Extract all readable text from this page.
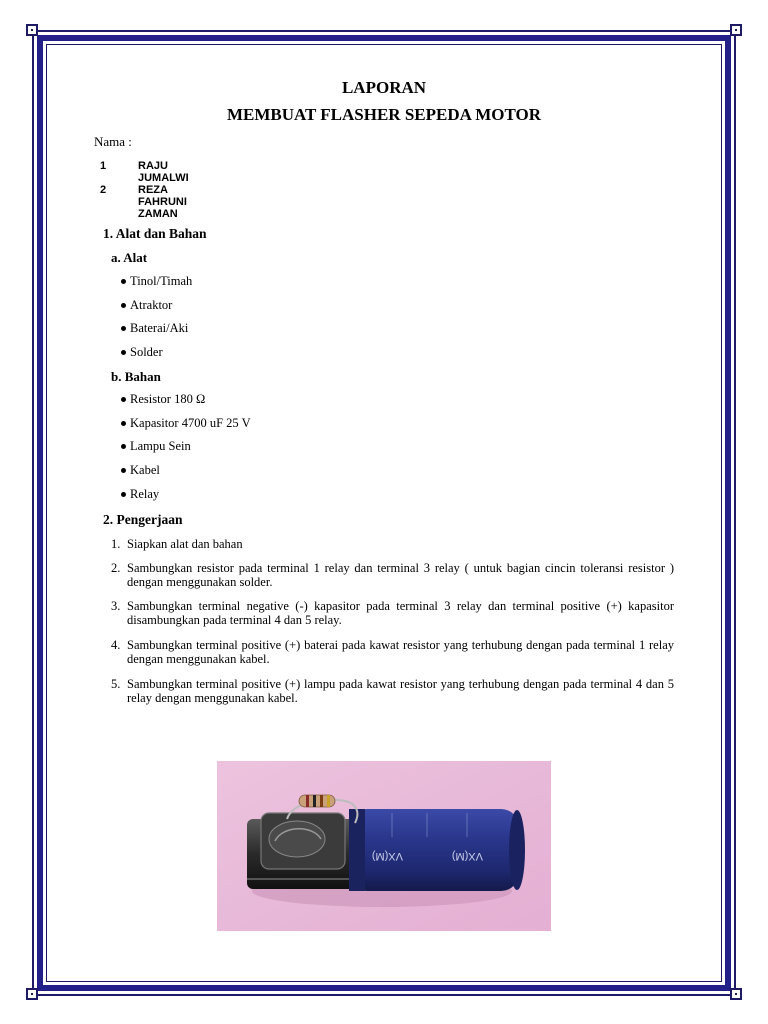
LAPORAN
MEMBUAT FLASHER SEPEDA MOTOR
Nama :
1	RAJU JUMALWI
2	REZA FAHRUNI ZAMAN
1. Alat dan Bahan
a. Alat
Tinol/Timah
Atraktor
Baterai/Aki
Solder
b. Bahan
Resistor 180 Ω
Kapasitor 4700 uF 25 V
Lampu Sein
Kabel
Relay
2. Pengerjaan
1. Siapkan alat dan bahan
2. Sambungkan resistor pada terminal 1 relay dan terminal 3 relay ( untuk bagian cincin toleransi resistor ) dengan menggunakan solder.
3. Sambungkan terminal negative (-) kapasitor pada terminal 3 relay dan terminal positive (+) kapasitor disambungkan pada terminal 4 dan 5 relay.
4. Sambungkan terminal positive (+) baterai pada kawat resistor yang terhubung dengan pada terminal 1 relay dengan menggunakan kabel.
5. Sambungkan terminal positive (+) lampu pada kawat resistor yang terhubung dengan pada terminal 4 dan 5 relay dengan menggunakan kabel.
VX(M)	VX(M)
